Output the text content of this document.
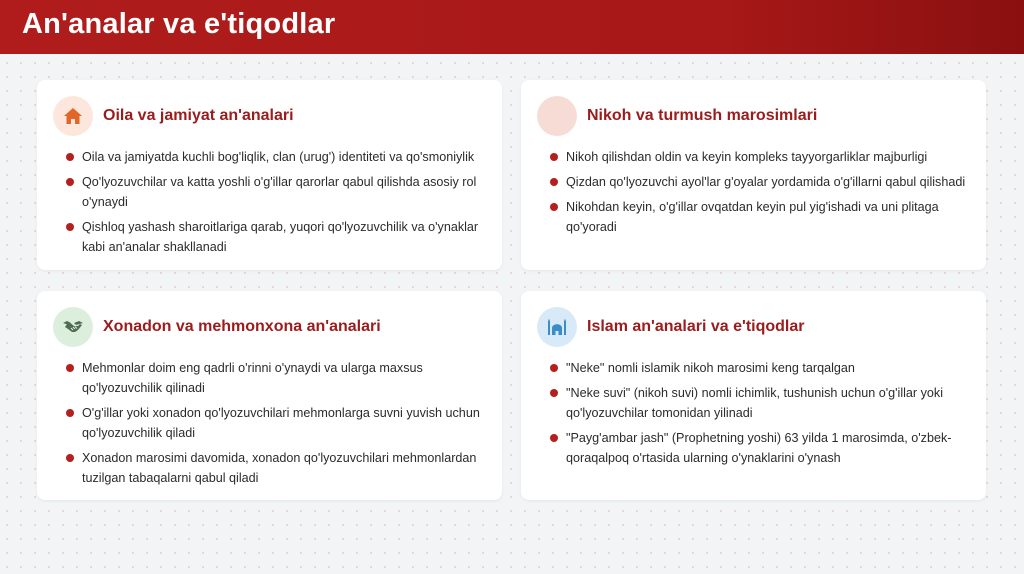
An'analar va e'tiqodlar
Oila va jamiyat an'analari
Oila va jamiyatda kuchli bog'liqlik, clan (urug') identiteti va qo'smoniylik
Qo'lyozuvchilar va katta yoshli o'g'illar qarorlar qabul qilishda asosiy rol o'ynaydi
Qishloq yashash sharoitlariga qarab, yuqori qo'lyozuvchilik va o'ynaklar kabi an'analar shakllanadi
Nikoh va turmush marosimlari
Nikoh qilishdan oldin va keyin kompleks tayyorgarliklar majburligi
Qizdan qo'lyozuvchi ayol'lar g'oyalar yordamida o'g'illarni qabul qilishadi
Nikohdan keyin, o'g'illar ovqatdan keyin pul yig'ishadi va uni plitaga qo'yoradi
Xonadon va mehmonxona an'analari
Mehmonlar doim eng qadrli o'rinni o'ynaydi va ularga maxsus qo'lyozuvchilik qilinadi
O'g'illar yoki xonadon qo'lyozuvchilari mehmonlarga suvni yuvish uchun qo'lyozuvchilik qiladi
Xonadon marosimi davomida, xonadon qo'lyozuvchilari mehmonlardan tuzilgan tabaqalarni qabul qiladi
Islam an'analari va e'tiqodlar
"Neke" nomli islamik nikoh marosimi keng tarqalgan
"Neke suvi" (nikoh suvi) nomli ichimlik, tushunish uchun o'g'illar yoki qo'lyozuvchilar tomonidan yilinadi
"Payg'ambar jash" (Prophetning yoshi) 63 yilda 1 marosimda, o'zbek-qoraqalpoq o'rtasida ularning o'ynaklarini o'ynash
